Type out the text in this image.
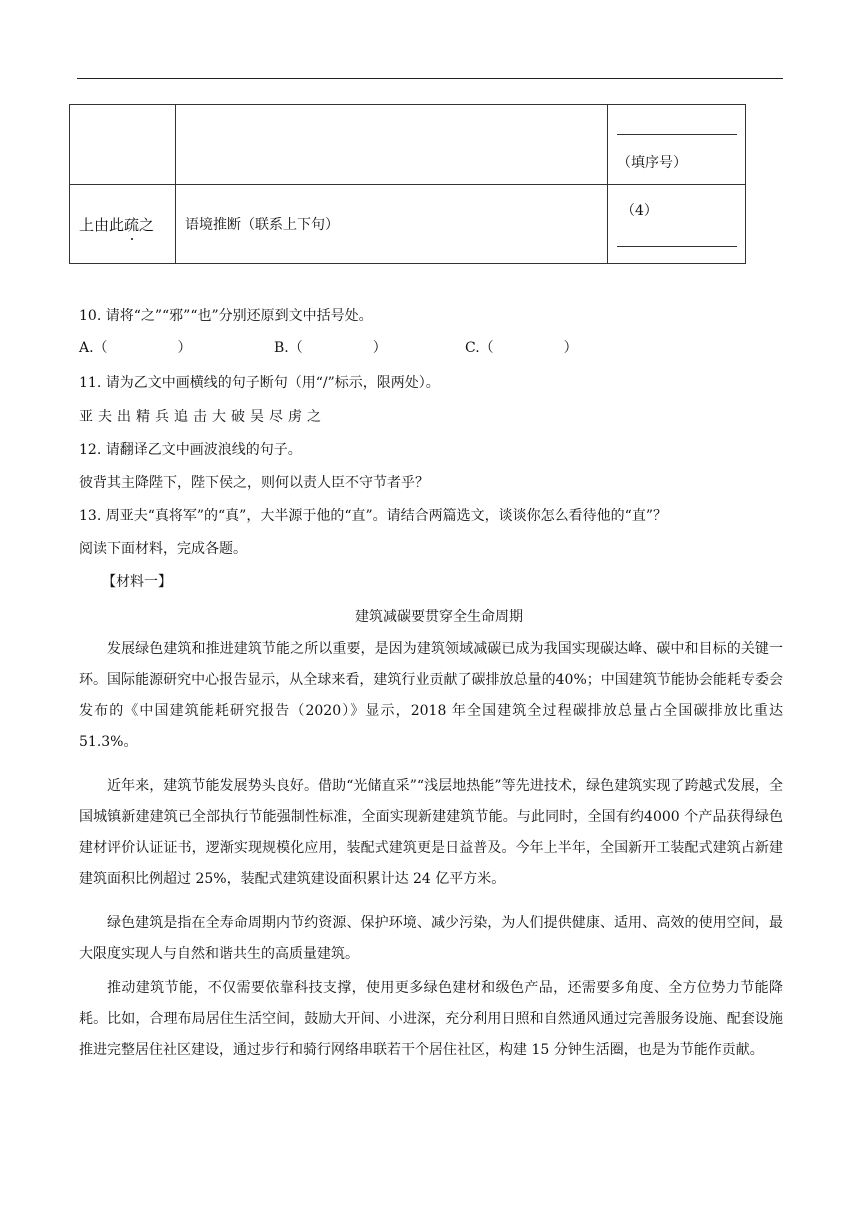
		（填序号）

上由此疏之	语境推断（联系上下句）	（4）
10. 请将“之”“邪”“也”分别还原到文中括号处。
A.（　　　　　）	B.（　　　　　）	C.（　　　　　）
11. 请为乙文中画横线的句子断句（用“/”标示，限两处）。
亚夫出精兵追击大破吴尽虏之
12. 请翻译乙文中画波浪线的句子。
彼背其主降陛下，陛下侯之，则何以责人臣不守节者乎？
13. 周亚夫“真将军”的“真”，大半源于他的“直”。请结合两篇选文，谈谈你怎么看待他的“直”？
阅读下面材料，完成各题。
【材料一】
建筑减碳要贯穿全生命周期
发展绿色建筑和推进建筑节能之所以重要，是因为建筑领域减碳已成为我国实现碳达峰、碳中和目标的关键一环。国际能源研究中心报告显示，从全球来看，建筑行业贡献了碳排放总量的40%；中国建筑节能协会能耗专委会发布的《中国建筑能耗研究报告（2020）》显示，2018 年全国建筑全过程碳排放总量占全国碳排放比重达 51.3%。
近年来，建筑节能发展势头良好。借助“光储直采”“浅层地热能”等先进技术，绿色建筑实现了跨越式发展，全国城镇新建建筑已全部执行节能强制性标准，全面实现新建建筑节能。与此同时，全国有约4000 个产品获得绿色建材评价认证证书，逻渐实现规模化应用，装配式建筑更是日益普及。今年上半年，全国新开工装配式建筑占新建建筑面积比例超过 25%，装配式建筑建设面积累计达 24 亿平方米。
绿色建筑是指在全寿命周期内节约资源、保护环境、减少污染，为人们提供健康、适用、高效的使用空间，最大限度实现人与自然和谐共生的高质量建筑。
推动建筑节能，不仅需要依靠科技支撑，使用更多绿色建材和级色产品，还需要多角度、全方位势力节能降耗。比如，合理布局居住生活空间，鼓励大开间、小进深，充分利用日照和自然通风通过完善服务设施、配套设施推进完整居住社区建设，通过步行和骑行网络串联若干个居住社区，构建 15 分钟生活圈，也是为节能作贡献。
